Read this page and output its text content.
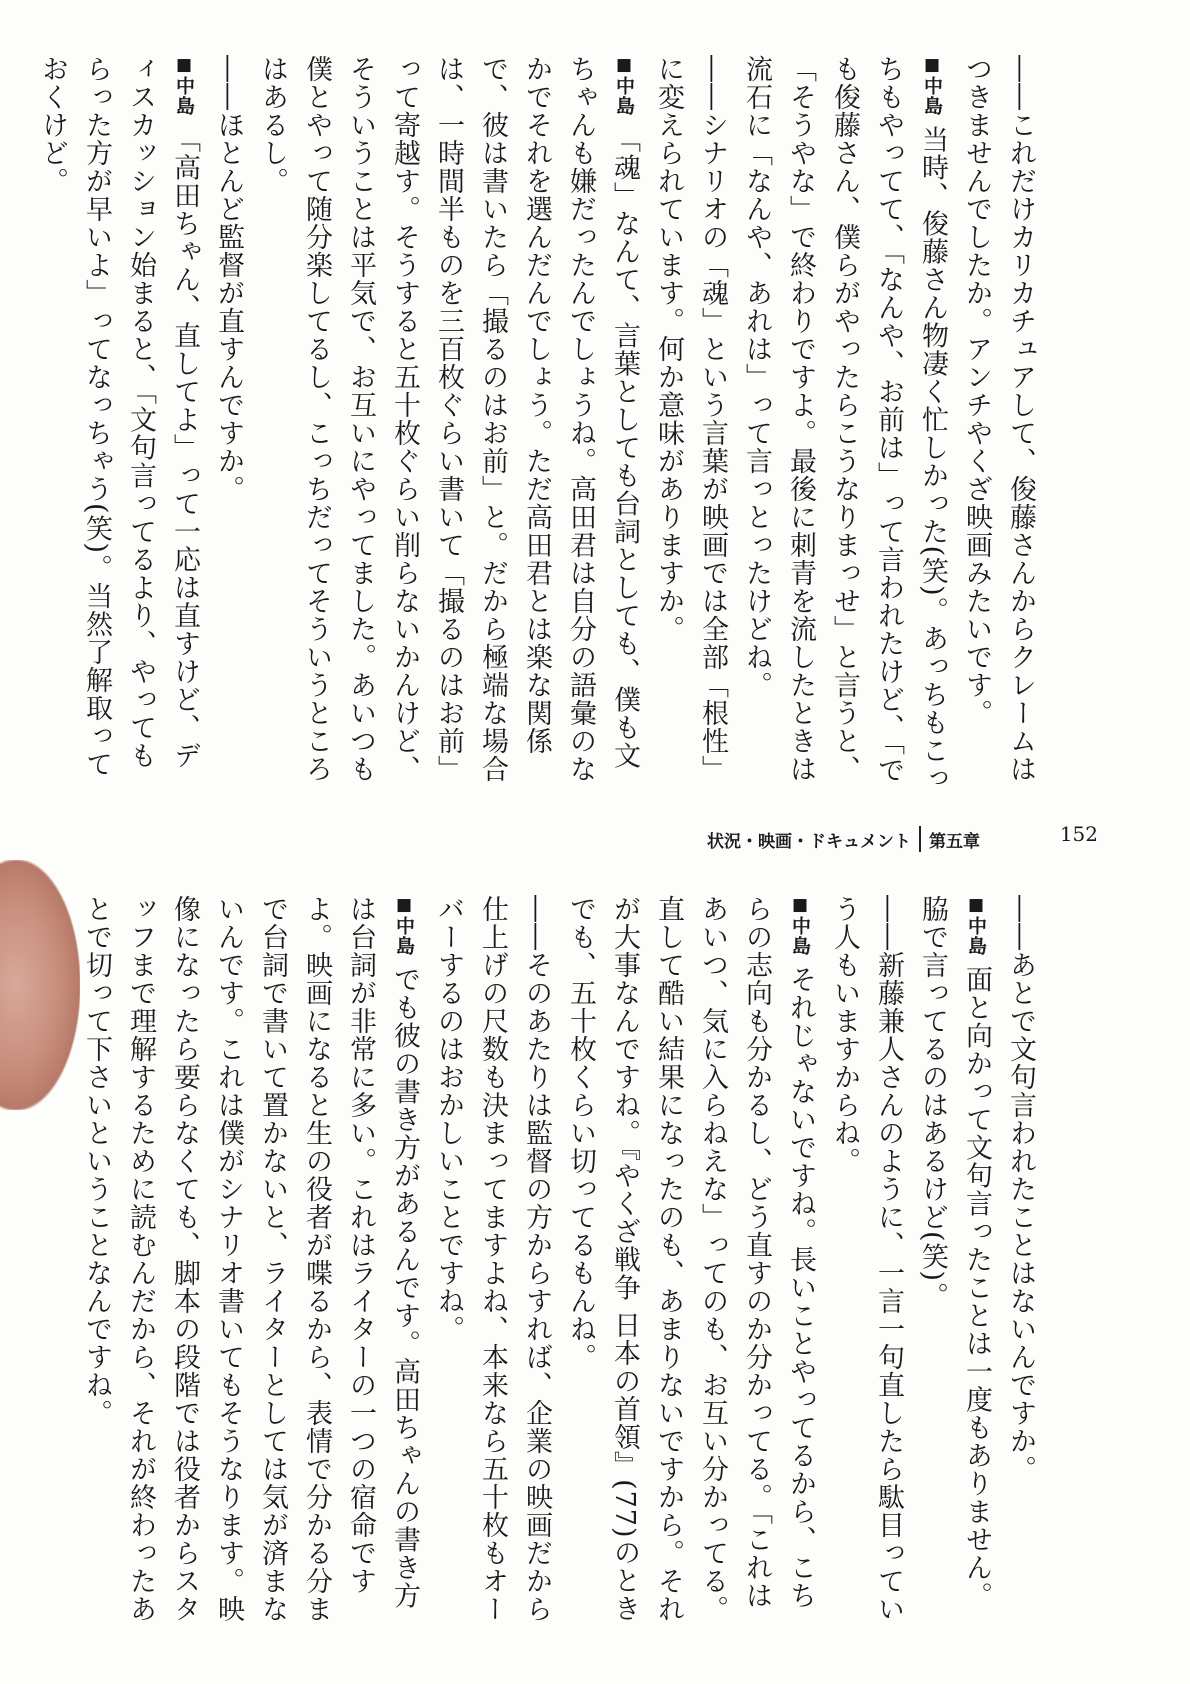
――これだけカリカチュアして、俊藤さんからクレームはつきませんでしたか。アンチやくざ映画みたいです。

■ 中島 当時、俊藤さん物凄く忙しかった(笑)。あっちもこっちもやってて、「なんや、お前は」って言われたけど、「でも俊藤さん、僕らがやったらこうなりまっせ」と言うと、「そうやな」で終わりですよ。最後に刺青を流したときは流石に「なんや、あれは」って言っとったけどね。

――シナリオの「魂」という言葉が映画では全部「根性」に変えられています。何か意味がありますか。

■ 中島 「魂」なんて、言葉としても台詞としても、僕も文ちゃんも嫌だったんでしょうね。高田君は自分の語彙のなかでそれを選んだんでしょう。ただ高田君とは楽な関係で、彼は書いたら「撮るのはお前」と。だから極端な場合は、一時間半ものを三百枚ぐらい書いて「撮るのはお前」って寄越す。そうすると五十枚ぐらい削らないかんけど、そういうことは平気で、お互いにやってました。あいつも僕とやって随分楽してるし、こっちだってそういうところはあるし。

――ほとんど監督が直すんですか。

■ 中島 「高田ちゃん、直してよ」って一応は直すけど、ディスカッション始まると、「文句言ってるより、やってもらった方が早いよ」ってなっちゃう(笑)。当然了解取っておくけど。

――あとで文句言われたことはないんですか。

■ 中島 面と向かって文句言ったことは一度もありません。脇で言ってるのはあるけど(笑)。

――新藤兼人さんのように、一言一句直したら駄目っていう人もいますからね。

■ 中島 それじゃないですね。長いことやってるから、こちらの志向も分かるし、どう直すのか分かってる。「これはあいつ、気に入らねえな」ってのも、お互い分かってる。直して酷い結果になったのも、あまりないですから。それが大事なんですね。『やくざ戦争 日本の首領』(77)のときでも、五十枚くらい切ってるもんね。

――そのあたりは監督の方からすれば、企業の映画だから仕上げの尺数も決まってますよね、本来なら五十枚もオーバーするのはおかしいことですね。

■ 中島 でも彼の書き方があるんです。高田ちゃんの書き方は台詞が非常に多い。これはライターの一つの宿命ですよ。映画になると生の役者が喋るから、表情で分かる分まで台詞で書いて置かないと、ライターとしては気が済まないんです。これは僕がシナリオ書いてもそうなります。映像になったら要らなくても、脚本の段階では役者からスタッフまで理解するために読むんだから、それが終わったあとで切って下さいということなんですね。

状況・映画・ドキュメント 第五章	152
